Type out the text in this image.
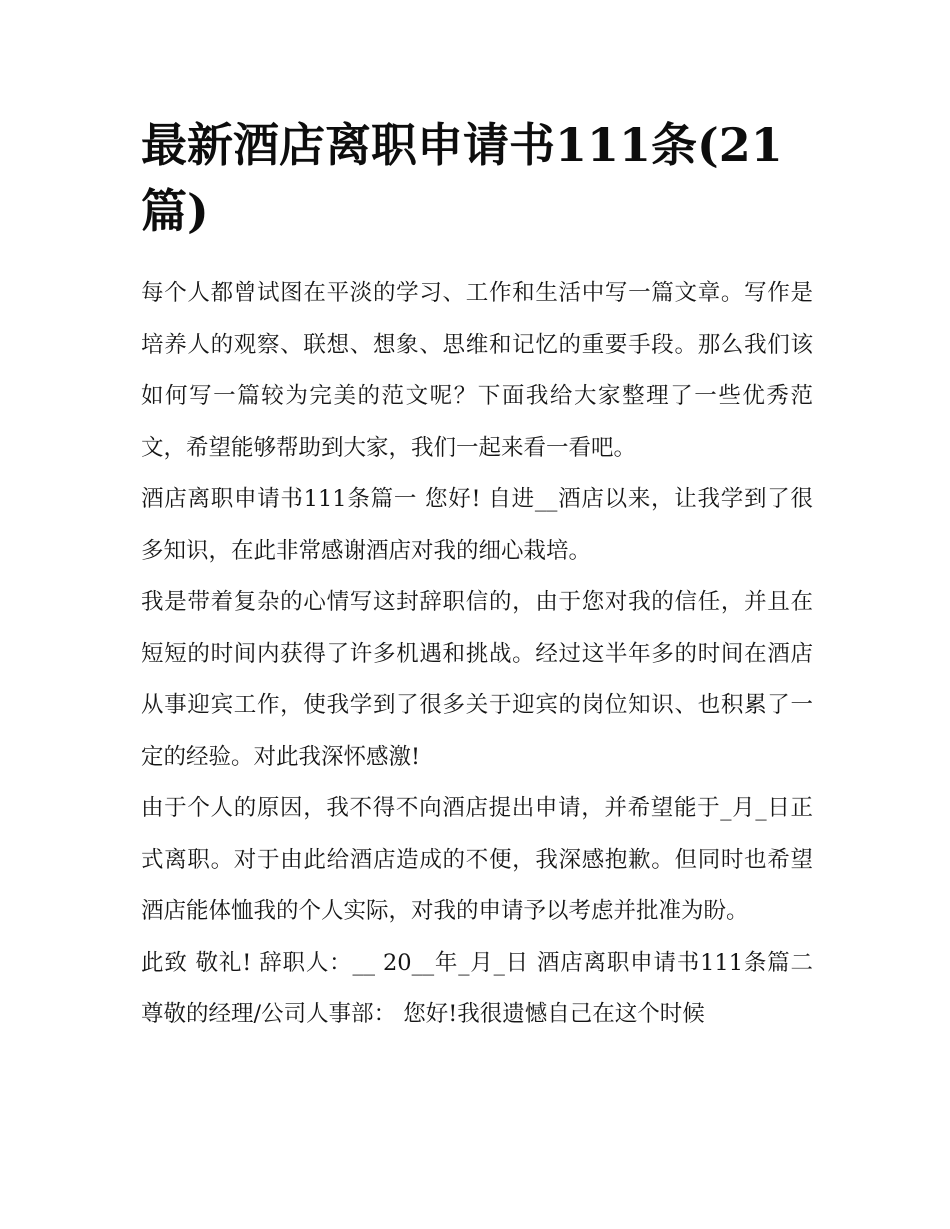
最新酒店离职申请书111条(21篇)

每个人都曾试图在平淡的学习、工作和生活中写一篇文章。写作是培养人的观察、联想、想象、思维和记忆的重要手段。那么我们该如何写一篇较为完美的范文呢？下面我给大家整理了一些优秀范文，希望能够帮助到大家，我们一起来看一看吧。

酒店离职申请书111条篇一 您好! 自进__酒店以来，让我学到了很多知识，在此非常感谢酒店对我的细心栽培。

我是带着复杂的心情写这封辞职信的，由于您对我的信任，并且在短短的时间内获得了许多机遇和挑战。经过这半年多的时间在酒店从事迎宾工作，使我学到了很多关于迎宾的岗位知识、也积累了一定的经验。对此我深怀感激!

由于个人的原因，我不得不向酒店提出申请，并希望能于_月_日正式离职。对于由此给酒店造成的不便，我深感抱歉。但同时也希望酒店能体恤我的个人实际，对我的申请予以考虑并批准为盼。

此致 敬礼! 辞职人：__ 20__年_月_日 酒店离职申请书111条篇二 尊敬的经理/公司人事部： 您好!我很遗憾自己在这个时候
